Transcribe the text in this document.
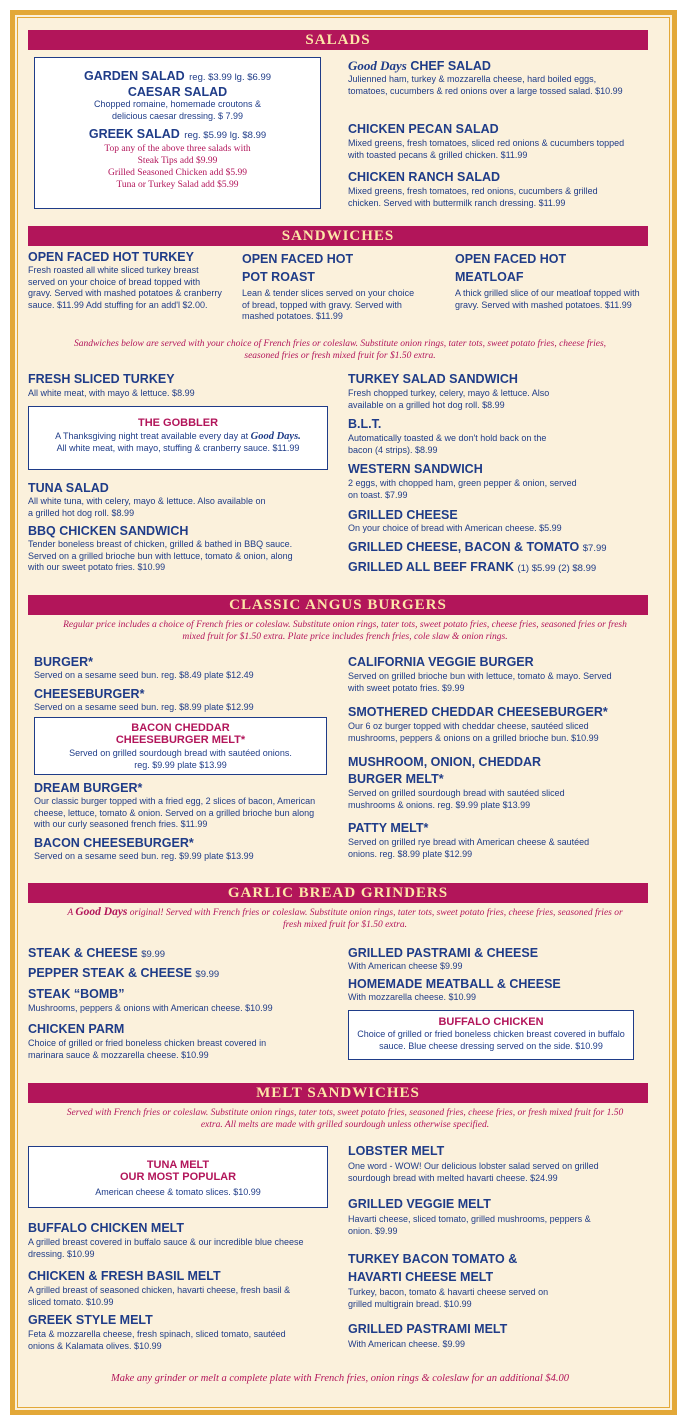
SALADS
GARDEN SALAD reg. $3.99 lg. $6.99
CAESAR SALAD
Chopped romaine, homemade croutons & delicious caesar dressing. $ 7.99
GREEK SALAD reg. $5.99 lg. $8.99
Top any of the above three salads with
Steak Tips add $9.99
Grilled Seasoned Chicken add $5.99
Tuna or Turkey Salad add $5.99
Good Days CHEF SALAD
Julienned ham, turkey & mozzarella cheese, hard boiled eggs, tomatoes, cucumbers & red onions over a large tossed salad. $10.99
CHICKEN PECAN SALAD
Mixed greens, fresh tomatoes, sliced red onions & cucumbers topped with toasted pecans & grilled chicken. $11.99
CHICKEN RANCH SALAD
Mixed greens, fresh tomatoes, red onions, cucumbers & grilled chicken. Served with buttermilk ranch dressing. $11.99
SANDWICHES
OPEN FACED HOT TURKEY
Fresh roasted all white sliced turkey breast served on your choice of bread topped with gravy. Served with mashed potatoes & cranberry sauce. $11.99 Add stuffing for an add'l $2.00.
OPEN FACED HOT POT ROAST
Lean & tender slices served on your choice of bread, topped with gravy. Served with mashed potatoes. $11.99
OPEN FACED HOT MEATLOAF
A thick grilled slice of our meatloaf topped with gravy. Served with mashed potatoes. $11.99
Sandwiches below are served with your choice of French fries or coleslaw. Substitute onion rings, tater tots, sweet potato fries, cheese fries, seasoned fries or fresh mixed fruit for $1.50 extra.
FRESH SLICED TURKEY
All white meat, with mayo & lettuce. $8.99
THE GOBBLER
A Thanksgiving night treat available every day at Good Days.
All white meat, with mayo, stuffing & cranberry sauce. $11.99
TUNA SALAD
All white tuna, with celery, mayo & lettuce. Also available on a grilled hot dog roll. $8.99
BBQ CHICKEN SANDWICH
Tender boneless breast of chicken, grilled & bathed in BBQ sauce. Served on a grilled brioche bun with lettuce, tomato & onion, along with our sweet potato fries. $10.99
TURKEY SALAD SANDWICH
Fresh chopped turkey, celery, mayo & lettuce. Also available on a grilled hot dog roll. $8.99
B.L.T.
Automatically toasted & we don't hold back on the bacon (4 strips). $8.99
WESTERN SANDWICH
2 eggs, with chopped ham, green pepper & onion, served on toast. $7.99
GRILLED CHEESE
On your choice of bread with American cheese. $5.99
GRILLED CHEESE, BACON & TOMATO $7.99
GRILLED ALL BEEF FRANK (1) $5.99 (2) $8.99
CLASSIC ANGUS BURGERS
Regular price includes a choice of French fries or coleslaw. Substitute onion rings, tater tots, sweet potato fries, cheese fries, seasoned fries or fresh mixed fruit for $1.50 extra. Plate price includes french fries, cole slaw & onion rings.
BURGER*
Served on a sesame seed bun. reg. $8.49 plate $12.49
CHEESEBURGER*
Served on a sesame seed bun. reg. $8.99 plate $12.99
BACON CHEDDAR
CHEESEBURGER MELT*
Served on grilled sourdough bread with sautéed onions.
reg. $9.99 plate $13.99
DREAM BURGER*
Our classic burger topped with a fried egg, 2 slices of bacon, American cheese, lettuce, tomato & onion. Served on a grilled brioche bun along with our curly seasoned french fries. $11.99
BACON CHEESEBURGER*
Served on a sesame seed bun. reg. $9.99 plate $13.99
CALIFORNIA VEGGIE BURGER
Served on grilled brioche bun with lettuce, tomato & mayo. Served with sweet potato fries. $9.99
SMOTHERED CHEDDAR CHEESEBURGER*
Our 6 oz burger topped with cheddar cheese, sautéed sliced mushrooms, peppers & onions on a grilled brioche bun. $10.99
MUSHROOM, ONION, CHEDDAR BURGER MELT*
Served on grilled sourdough bread with sautéed sliced mushrooms & onions. reg. $9.99 plate $13.99
PATTY MELT*
Served on grilled rye bread with American cheese & sautéed onions. reg. $8.99 plate $12.99
GARLIC BREAD GRINDERS
A Good Days original! Served with French fries or coleslaw. Substitute onion rings, tater tots, sweet potato fries, cheese fries, seasoned fries or fresh mixed fruit for $1.50 extra.
STEAK & CHEESE $9.99
PEPPER STEAK & CHEESE $9.99
STEAK “BOMB”
Mushrooms, peppers & onions with American cheese. $10.99
CHICKEN PARM
Choice of grilled or fried boneless chicken breast covered in marinara sauce & mozzarella cheese. $10.99
GRILLED PASTRAMI & CHEESE
With American cheese $9.99
HOMEMADE MEATBALL & CHEESE
With mozzarella cheese. $10.99
BUFFALO CHICKEN
Choice of grilled or fried boneless chicken breast covered in buffalo sauce. Blue cheese dressing served on the side. $10.99
MELT SANDWICHES
Served with French fries or coleslaw. Substitute onion rings, tater tots, sweet potato fries, seasoned fries, cheese fries, or fresh mixed fruit for 1.50 extra. All melts are made with grilled sourdough unless otherwise specified.
TUNA MELT
OUR MOST POPULAR
American cheese & tomato slices. $10.99
BUFFALO CHICKEN MELT
A grilled breast covered in buffalo sauce & our incredible blue cheese dressing. $10.99
CHICKEN & FRESH BASIL MELT
A grilled breast of seasoned chicken, havarti cheese, fresh basil & sliced tomato. $10.99
GREEK STYLE MELT
Feta & mozzarella cheese, fresh spinach, sliced tomato, sautéed onions & Kalamata olives. $10.99
LOBSTER MELT
One word - WOW! Our delicious lobster salad served on grilled sourdough bread with melted havarti cheese. $24.99
GRILLED VEGGIE MELT
Havarti cheese, sliced tomato, grilled mushrooms, peppers & onion. $9.99
TURKEY BACON TOMATO & HAVARTI CHEESE MELT
Turkey, bacon, tomato & havarti cheese served on grilled multigrain bread. $10.99
GRILLED PASTRAMI MELT
With American cheese. $9.99
Make any grinder or melt a complete plate with French fries, onion rings & coleslaw for an additional $4.00
